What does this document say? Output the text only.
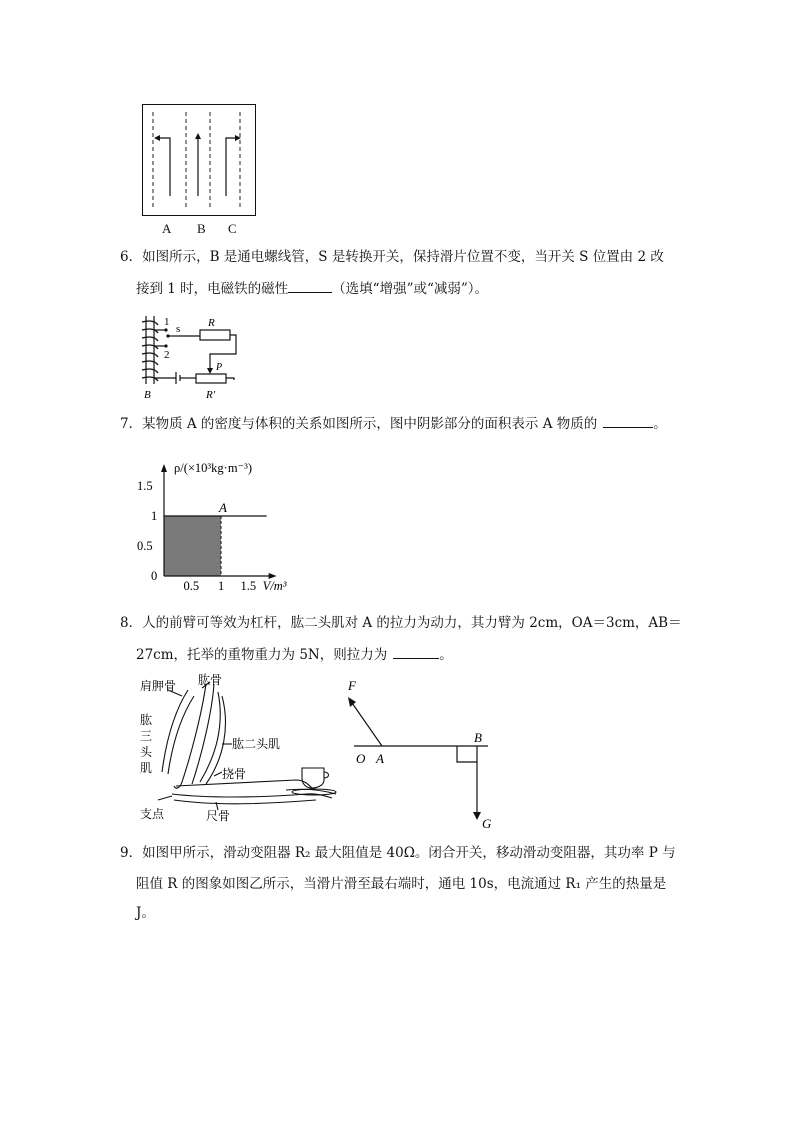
A B C
6．如图所示，B 是通电螺线管，S 是转换开关，保持滑片位置不变，当开关 S 位置由 2 改
接到 1 时，电磁铁的磁性	（选填“增强”或“减弱”）。
1
2
s	R
P
R′
B
7．某物质 A 的密度与体积的关系如图所示，图中阴影部分的面积表示 A 物质的	。
A
ρ/(×10³kg·m⁻³)
V/m³
0.5 1 1.5
1.5
1
0.5
0
8．人的前臂可等效为杠杆，肱二头肌对 A 的拉力为动力，其力臂为 2cm，OA＝3cm，AB＝
27cm，托举的重物重力为 5N，则拉力为	。
肩胛骨 肱骨
肱
三
头
肌
肱二头肌
挠骨
支点	尺骨
F
B
O A
G
9．如图甲所示，滑动变阻器 R₂ 最大阻值是 40Ω。闭合开关，移动滑动变阻器，其功率 P 与
阻值 R 的图象如图乙所示，当滑片滑至最右端时，通电 10s，电流通过 R₁ 产生的热量是
J。
